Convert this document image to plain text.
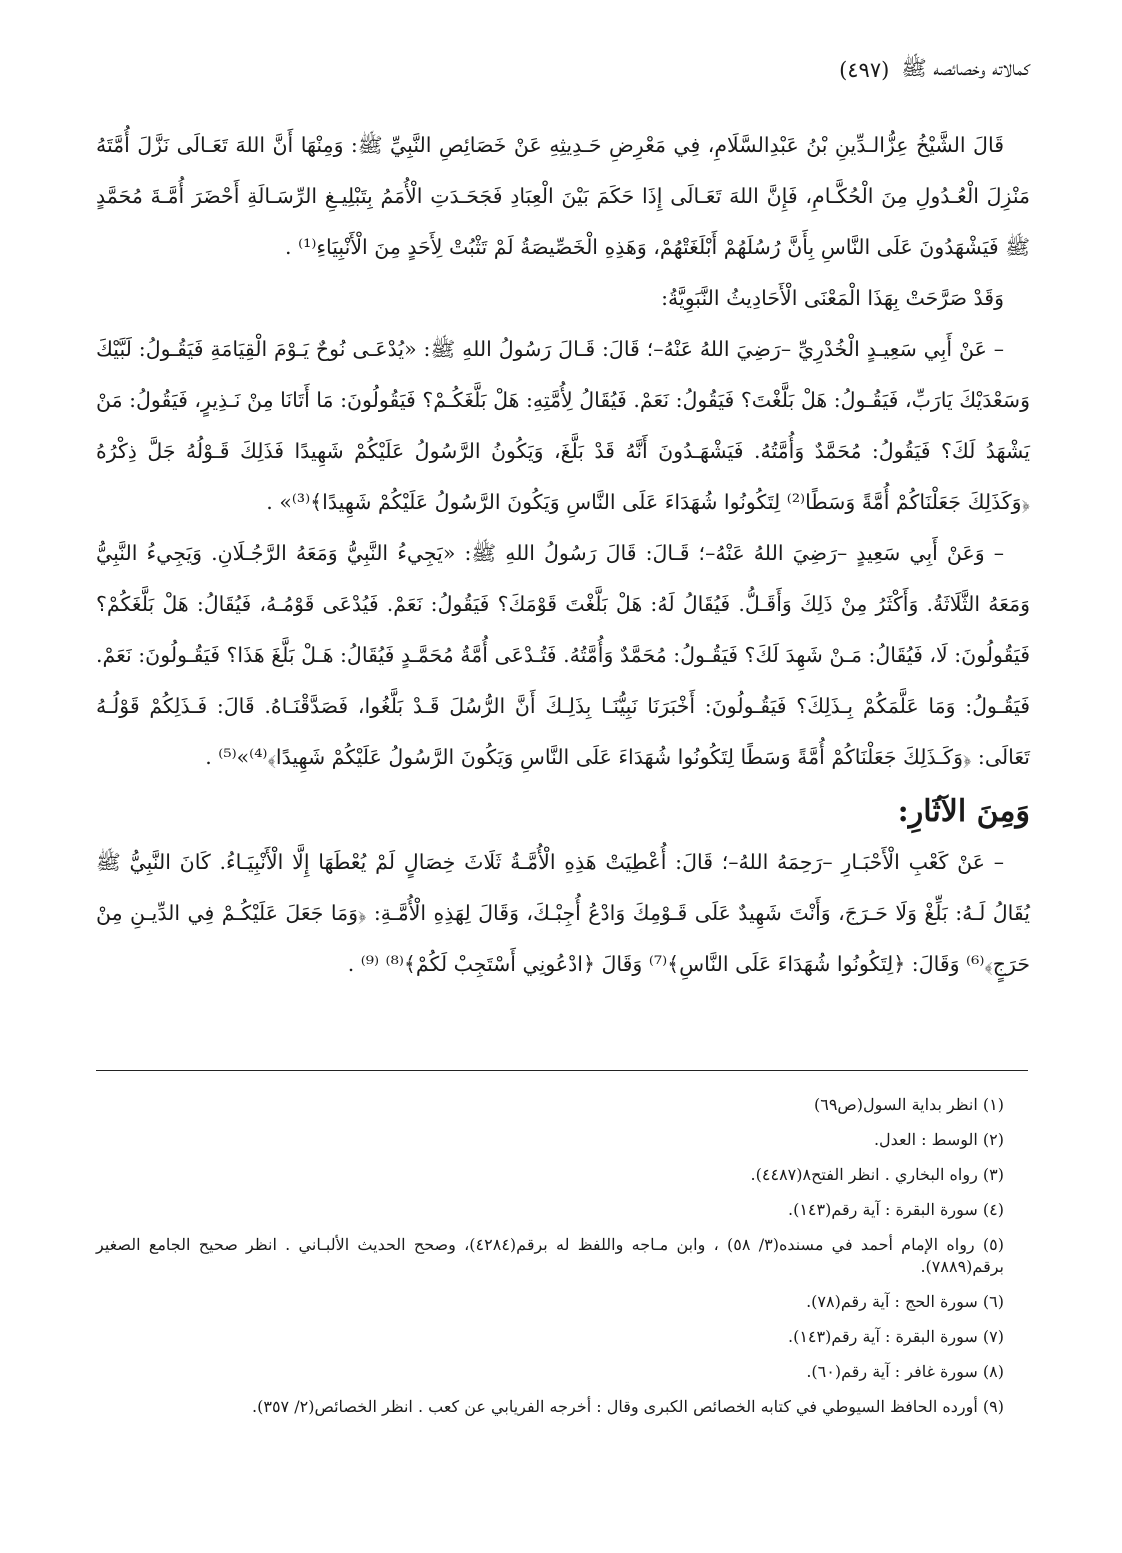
كمالاته وخصائصه ﷺ
(٤٩٧)

قَالَ الشَّيْخُ عِزُّالـدِّينِ بْنُ عَبْدِالسَّلَامِ، فِي مَعْرِضِ حَـدِيثِهِ عَنْ خَصَائِصِ النَّبِيِّ ﷺ: وَمِنْهَا أَنَّ اللهَ تَعَـالَى نَزَّلَ أُمَّتَهُ مَنْزِلَ الْعُـدُولِ مِنَ الْحُكَّـامِ، فَإِنَّ اللهَ تَعَـالَى إِذَا حَكَمَ بَيْنَ الْعِبَادِ فَجَحَـدَتِ الْأُمَمُ بِتَبْلِيـغِ الرِّسَـالَةِ أَحْضَرَ أُمَّـةَ مُحَمَّدٍ ﷺ فَيَشْهَدُونَ عَلَى النَّاسِ بِأَنَّ رُسُلَهُمْ أَبْلَغَتْهُمْ، وَهَذِهِ الْخَصِّيصَةُ لَمْ تَثْبُتْ لِأَحَدٍ مِنَ الْأَنْبِيَاءِ⁽¹⁾ .

وَقَدْ صَرَّحَتْ بِهَذَا الْمَعْنَى الْأَحَادِيثُ النَّبَوِيَّةُ:

– عَنْ أَبِي سَعِيـدٍ الْخُدْرِيِّ –رَضِيَ اللهُ عَنْهُ–؛ قَالَ: قَـالَ رَسُولُ اللهِ ﷺ: «يُدْعَـى نُوحٌ يَـوْمَ الْقِيَامَةِ فَيَقُـولُ: لَبَّيْكَ وَسَعْدَيْكَ يَارَبِّ، فَيَقُـولُ: هَلْ بَلَّغْتَ؟ فَيَقُولُ: نَعَمْ. فَيُقَالُ لِأُمَّتِهِ: هَلْ بَلَّغَكُـمْ؟ فَيَقُولُونَ: مَا أَتَانَا مِنْ نَـذِيرٍ، فَيَقُولُ: مَنْ يَشْهَدُ لَكَ؟ فَيَقُولُ: مُحَمَّدٌ وَأُمَّتُهُ. فَيَشْهَـدُونَ أَنَّهُ قَدْ بَلَّغَ، وَيَكُونُ الرَّسُولُ عَلَيْكُمْ شَهِيدًا فَذَلِكَ قَـوْلُهُ جَلَّ ذِكْرُهُ ﴿وَكَذَلِكَ جَعَلْنَاكُمْ أُمَّةً وَسَطًا⁽²⁾ لِتَكُونُوا شُهَدَاءَ عَلَى النَّاسِ وَيَكُونَ الرَّسُولُ عَلَيْكُمْ شَهِيدًا﴾⁽³⁾» .

– وَعَنْ أَبِي سَعِيدٍ –رَضِيَ اللهُ عَنْهُ–؛ قَـالَ: قَالَ رَسُولُ اللهِ ﷺ: «يَجِيءُ النَّبِيُّ وَمَعَهُ الرَّجُـلَانِ. وَيَجِيءُ النَّبِيُّ وَمَعَهُ الثَّلَاثَةُ. وَأَكْثَرُ مِنْ ذَلِكَ وَأَقَـلُّ. فَيُقَالُ لَهُ: هَلْ بَلَّغْتَ قَوْمَكَ؟ فَيَقُولُ: نَعَمْ. فَيُدْعَى قَوْمُـهُ، فَيُقَالُ: هَلْ بَلَّغَكُمْ؟ فَيَقُولُونَ: لَا، فَيُقَالُ: مَـنْ شَهِدَ لَكَ؟ فَيَقُـولُ: مُحَمَّدٌ وَأُمَّتُهُ. فَتُـدْعَى أُمَّةُ مُحَمَّـدٍ فَيُقَالُ: هَـلْ بَلَّغَ هَذَا؟ فَيَقُـولُونَ: نَعَمْ. فَيَقُـولُ: وَمَا عَلَّمَكُمْ بِـذَلِكَ؟ فَيَقُـولُونَ: أَخْبَرَنَا نَبِيُّنَـا بِذَلِـكَ أَنَّ الرُّسُلَ قَـدْ بَلَّغُوا، فَصَدَّقْنَـاهُ. قَالَ: فَـذَلِكُمْ قَوْلُـهُ تَعَالَى: ﴿وَكَـذَلِكَ جَعَلْنَاكُمْ أُمَّةً وَسَطًا لِتَكُونُوا شُهَدَاءَ عَلَى النَّاسِ وَيَكُونَ الرَّسُولُ عَلَيْكُمْ شَهِيدًا﴾⁽⁴⁾»⁽⁵⁾ .

وَمِنَ الآثَارِ:

– عَنْ كَعْبِ الْأَحْبَـارِ –رَحِمَهُ اللهُ–؛ قَالَ: أُعْطِيَتْ هَذِهِ الْأُمَّـةُ ثَلَاثَ خِصَالٍ لَمْ يُعْطَهَا إِلَّا الْأَنْبِيَـاءُ. كَانَ النَّبِيُّ ﷺ يُقَالُ لَـهُ: بَلِّغْ وَلَا حَـرَجَ، وَأَنْتَ شَهِيدٌ عَلَى قَـوْمِكَ وَادْعُ أُجِبْـكَ، وَقَالَ لِهَذِهِ الْأُمَّـةِ: ﴿وَمَا جَعَلَ عَلَيْكُـمْ فِي الدِّيـنِ مِنْ حَرَجٍ﴾⁽⁶⁾ وَقَالَ: ﴿لِتَكُونُوا شُهَدَاءَ عَلَى النَّاسِ﴾⁽⁷⁾ وَقَالَ ﴿ادْعُونِي أَسْتَجِبْ لَكُمْ﴾⁽⁸⁾ ⁽⁹⁾ .

(١) انظر بداية السول(ص٦٩)

(٢) الوسط : العدل.

(٣) رواه البخاري . انظر الفتح٨(٤٤٨٧).

(٤) سورة البقرة : آية رقم(١٤٣).

(٥) رواه الإمام أحمد في مسنده(٣/ ٥٨) ، وابن مـاجه واللفظ له برقم(٤٢٨٤)، وصحح الحديث الألبـاني . انظر صحيح الجامع الصغير برقم(٧٨٨٩).

(٦) سورة الحج : آية رقم(٧٨).

(٧) سورة البقرة : آية رقم(١٤٣).

(٨) سورة غافر : آية رقم(٦٠).

(٩) أورده الحافظ السيوطي في كتابه الخصائص الكبرى وقال : أخرجه الفريابي عن كعب . انظر الخصائص(٢/ ٣٥٧).
